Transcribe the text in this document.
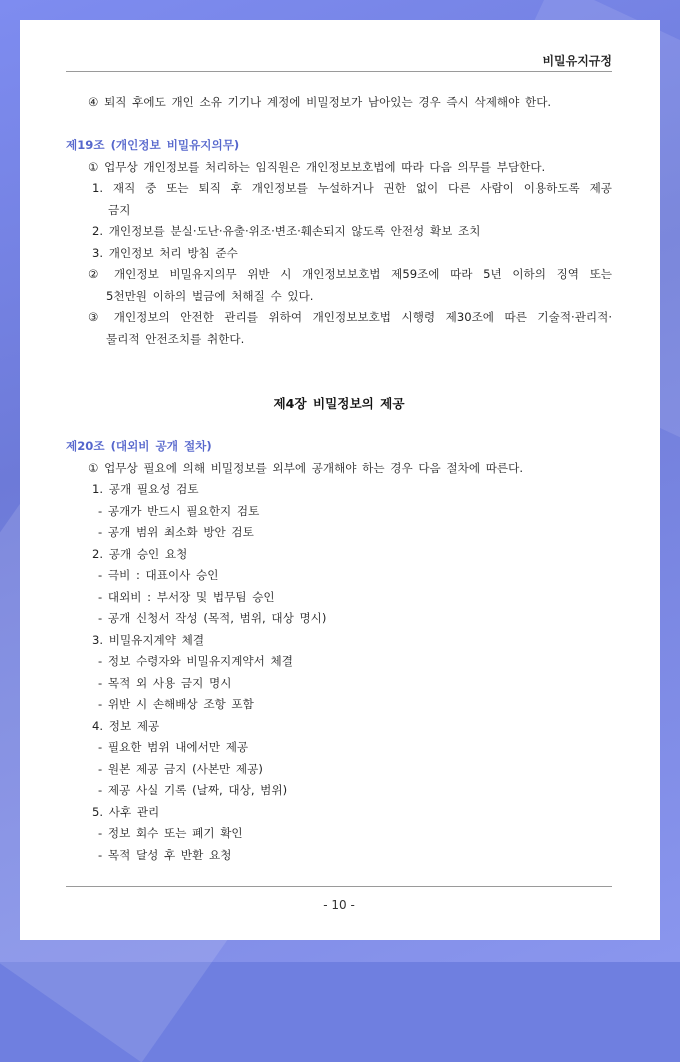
비밀유지규정
④ 퇴직 후에도 개인 소유 기기나 계정에 비밀정보가 남아있는 경우 즉시 삭제해야 한다.
제19조 (개인정보 비밀유지의무)
① 업무상 개인정보를 처리하는 임직원은 개인정보보호법에 따라 다음 의무를 부담한다.
1. 재직 중 또는 퇴직 후 개인정보를 누설하거나 권한 없이 다른 사람이 이용하도록 제공
금지
2. 개인정보를 분실·도난·유출·위조·변조·훼손되지 않도록 안전성 확보 조치
3. 개인정보 처리 방침 준수
② 개인정보 비밀유지의무 위반 시 개인정보보호법 제59조에 따라 5년 이하의 징역 또는
5천만원 이하의 벌금에 처해질 수 있다.
③ 개인정보의 안전한 관리를 위하여 개인정보보호법 시행령 제30조에 따른 기술적·관리적·
물리적 안전조치를 취한다.
제4장 비밀정보의 제공
제20조 (대외비 공개 절차)
① 업무상 필요에 의해 비밀정보를 외부에 공개해야 하는 경우 다음 절차에 따른다.
1. 공개 필요성 검토
- 공개가 반드시 필요한지 검토
- 공개 범위 최소화 방안 검토
2. 공개 승인 요청
- 극비 : 대표이사 승인
- 대외비 : 부서장 및 법무팀 승인
- 공개 신청서 작성 (목적, 범위, 대상 명시)
3. 비밀유지계약 체결
- 정보 수령자와 비밀유지계약서 체결
- 목적 외 사용 금지 명시
- 위반 시 손해배상 조항 포함
4. 정보 제공
- 필요한 범위 내에서만 제공
- 원본 제공 금지 (사본만 제공)
- 제공 사실 기록 (날짜, 대상, 범위)
5. 사후 관리
- 정보 회수 또는 폐기 확인
- 목적 달성 후 반환 요청
- 10 -
